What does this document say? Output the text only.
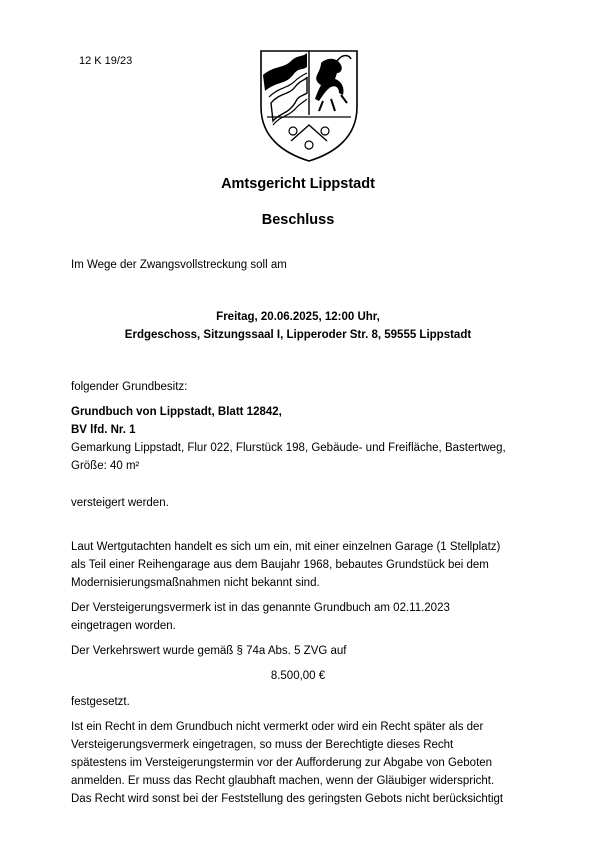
12 K 19/23
Amtsgericht Lippstadt
Beschluss
Im Wege der Zwangsvollstreckung soll am
Freitag, 20.06.2025, 12:00 Uhr,
Erdgeschoss, Sitzungssaal I, Lipperoder Str. 8, 59555 Lippstadt
folgender Grundbesitz:
Grundbuch von Lippstadt, Blatt 12842,
BV lfd. Nr. 1
Gemarkung Lippstadt, Flur 022, Flurstück 198, Gebäude- und Freifläche, Bastertweg,
Größe: 40 m²
versteigert werden.
Laut Wertgutachten handelt es sich um ein, mit einer einzelnen Garage (1 Stellplatz)
als Teil einer Reihengarage aus dem Baujahr 1968, bebautes Grundstück bei dem
Modernisierungsmaßnahmen nicht bekannt sind.
Der Versteigerungsvermerk ist in das genannte Grundbuch am 02.11.2023
eingetragen worden.
Der Verkehrswert wurde gemäß § 74a Abs. 5 ZVG auf
8.500,00 €
festgesetzt.
Ist ein Recht in dem Grundbuch nicht vermerkt oder wird ein Recht später als der
Versteigerungsvermerk eingetragen, so muss der Berechtigte dieses Recht
spätestens im Versteigerungstermin vor der Aufforderung zur Abgabe von Geboten
anmelden. Er muss das Recht glaubhaft machen, wenn der Gläubiger widerspricht.
Das Recht wird sonst bei der Feststellung des geringsten Gebots nicht berücksichtigt
